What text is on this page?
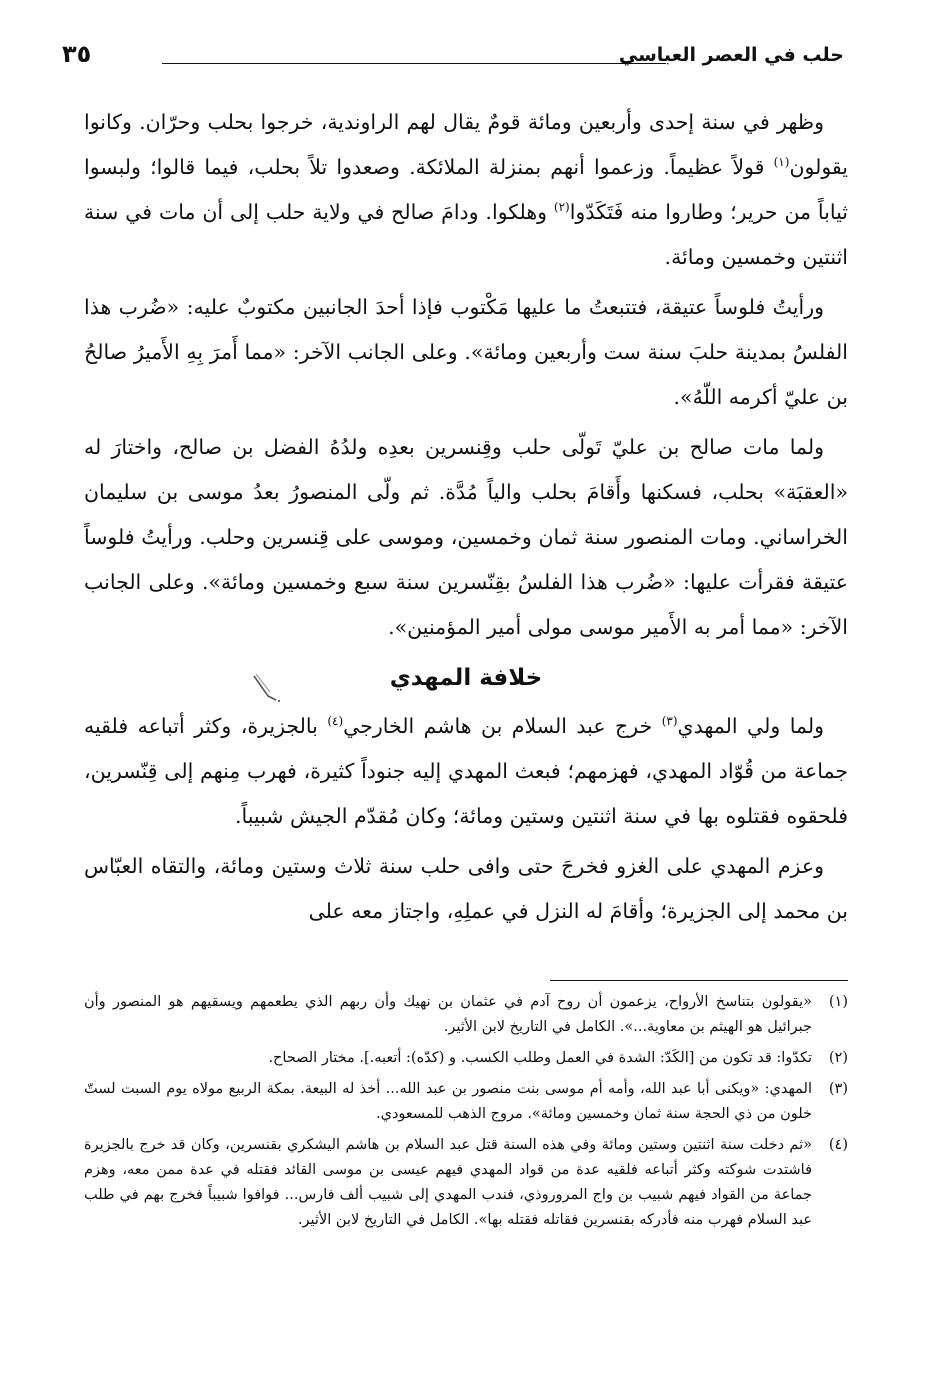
حلب في العصر العباسي
٣٥

وظهر في سنة إحدى وأربعين ومائة قومٌ يقال لهم الراوندية، خرجوا بحلب وحرّان. وكانوا يقولون$^{(١)}$ قولاً عظيماً. وزعموا أنهم بمنزلة الملائكة. وصعدوا تلاً بحلب، فيما قالوا؛ ولبسوا ثياباً من حرير؛ وطاروا منه فَتَكَدّوا$^{(٢)}$ وهلكوا. ودامَ صالح في ولاية حلب إلى أن مات في سنة اثنتين وخمسين ومائة.

ورأيتُ فلوساً عتيقة، فتتبعتُ ما عليها مَكْتوب فإذا أحدَ الجانبين مكتوبٌ عليه: «ضُرب هذا الفلسُ بمدينة حلبَ سنة ست وأربعين ومائة». وعلى الجانب الآخر: «مما أَمرَ بِهِ الأَميرُ صالحُ بن عليّ أكرمه اللّهُ».

ولما مات صالح بن عليّ تَولّى حلب وقِنسرين بعدِه ولدُهُ الفضل بن صالح، واختارَ له «العقبَة» بحلب، فسكنها وأَقامَ بحلب والياً مُدَّة. ثم ولّى المنصورُ بعدُ موسى بن سليمان الخراساني. ومات المنصور سنة ثمان وخمسين، وموسى على قِنسرين وحلب. ورأيتُ فلوساً عتيقة فقرأت عليها: «ضُرب هذا الفلسُ بقِنّسرين سنة سبع وخمسين ومائة». وعلى الجانب الآخر: «مما أمر به الأَمير موسى مولى أمير المؤمنين».

خلافة المهدي

ولما ولي المهدي$^{(٣)}$ خرج عبد السلام بن هاشم الخارجي$^{(٤)}$ بالجزيرة، وكثر أتباعه فلقيه جماعة من قُوّاد المهدي، فهزمهم؛ فبعث المهدي إليه جنوداً كثيرة، فهرب مِنهم إلى قِنّسرين، فلحقوه فقتلوه بها في سنة اثنتين وستين ومائة؛ وكان مُقدّم الجيش شبيباً.

وعزم المهدي على الغزو فخرجَ حتى وافى حلب سنة ثلاث وستين ومائة، والتقاه العبّاس بن محمد إلى الجزيرة؛ وأقامَ له النزل في عملِهِ، واجتاز معه على

(١)
«يقولون بتناسخ الأرواح، يزعمون أن روح آدم في عثمان بن نهيك وأن ربهم الذي يطعمهم ويسقيهم هو المنصور وأن جبرائيل هو الهيثم بن معاوية...». الكامل في التاريخ لابن الأثير.
(٢)
تكدّوا: قد تكون من [الكَدّ: الشدة في العمل وطلب الكسب. و (كدّه): أتعبه.]. مختار الصحاح.
(٣)
المهدي: «ويكنى أبا عبد الله، وأمه أم موسى بنت منصور بن عبد الله... أخذ له البيعة. بمكة الربيع مولاه يوم السبت لستّ خلون من ذي الحجة سنة ثمان وخمسين ومائة». مروج الذهب للمسعودي.
(٤)
«ثم دخلت سنة اثنتين وستين ومائة وفي هذه السنة قتل عبد السلام بن هاشم اليشكري بقنسرين، وكان قد خرج بالجزيرة فاشتدت شوكته وكثر أتباعه فلقيه عدة من قواد المهدي فيهم عيسى بن موسى القائد فقتله في عدة ممن معه، وهزم جماعة من القواد فيهم شبيب بن واج المروروذي، فندب المهدي إلى شبيب ألف فارس... فوافوا شبيباً فخرج بهم في طلب عبد السلام فهرب منه فأدركه بقنسرين فقاتله فقتله بها». الكامل في التاريخ لابن الأثير.
